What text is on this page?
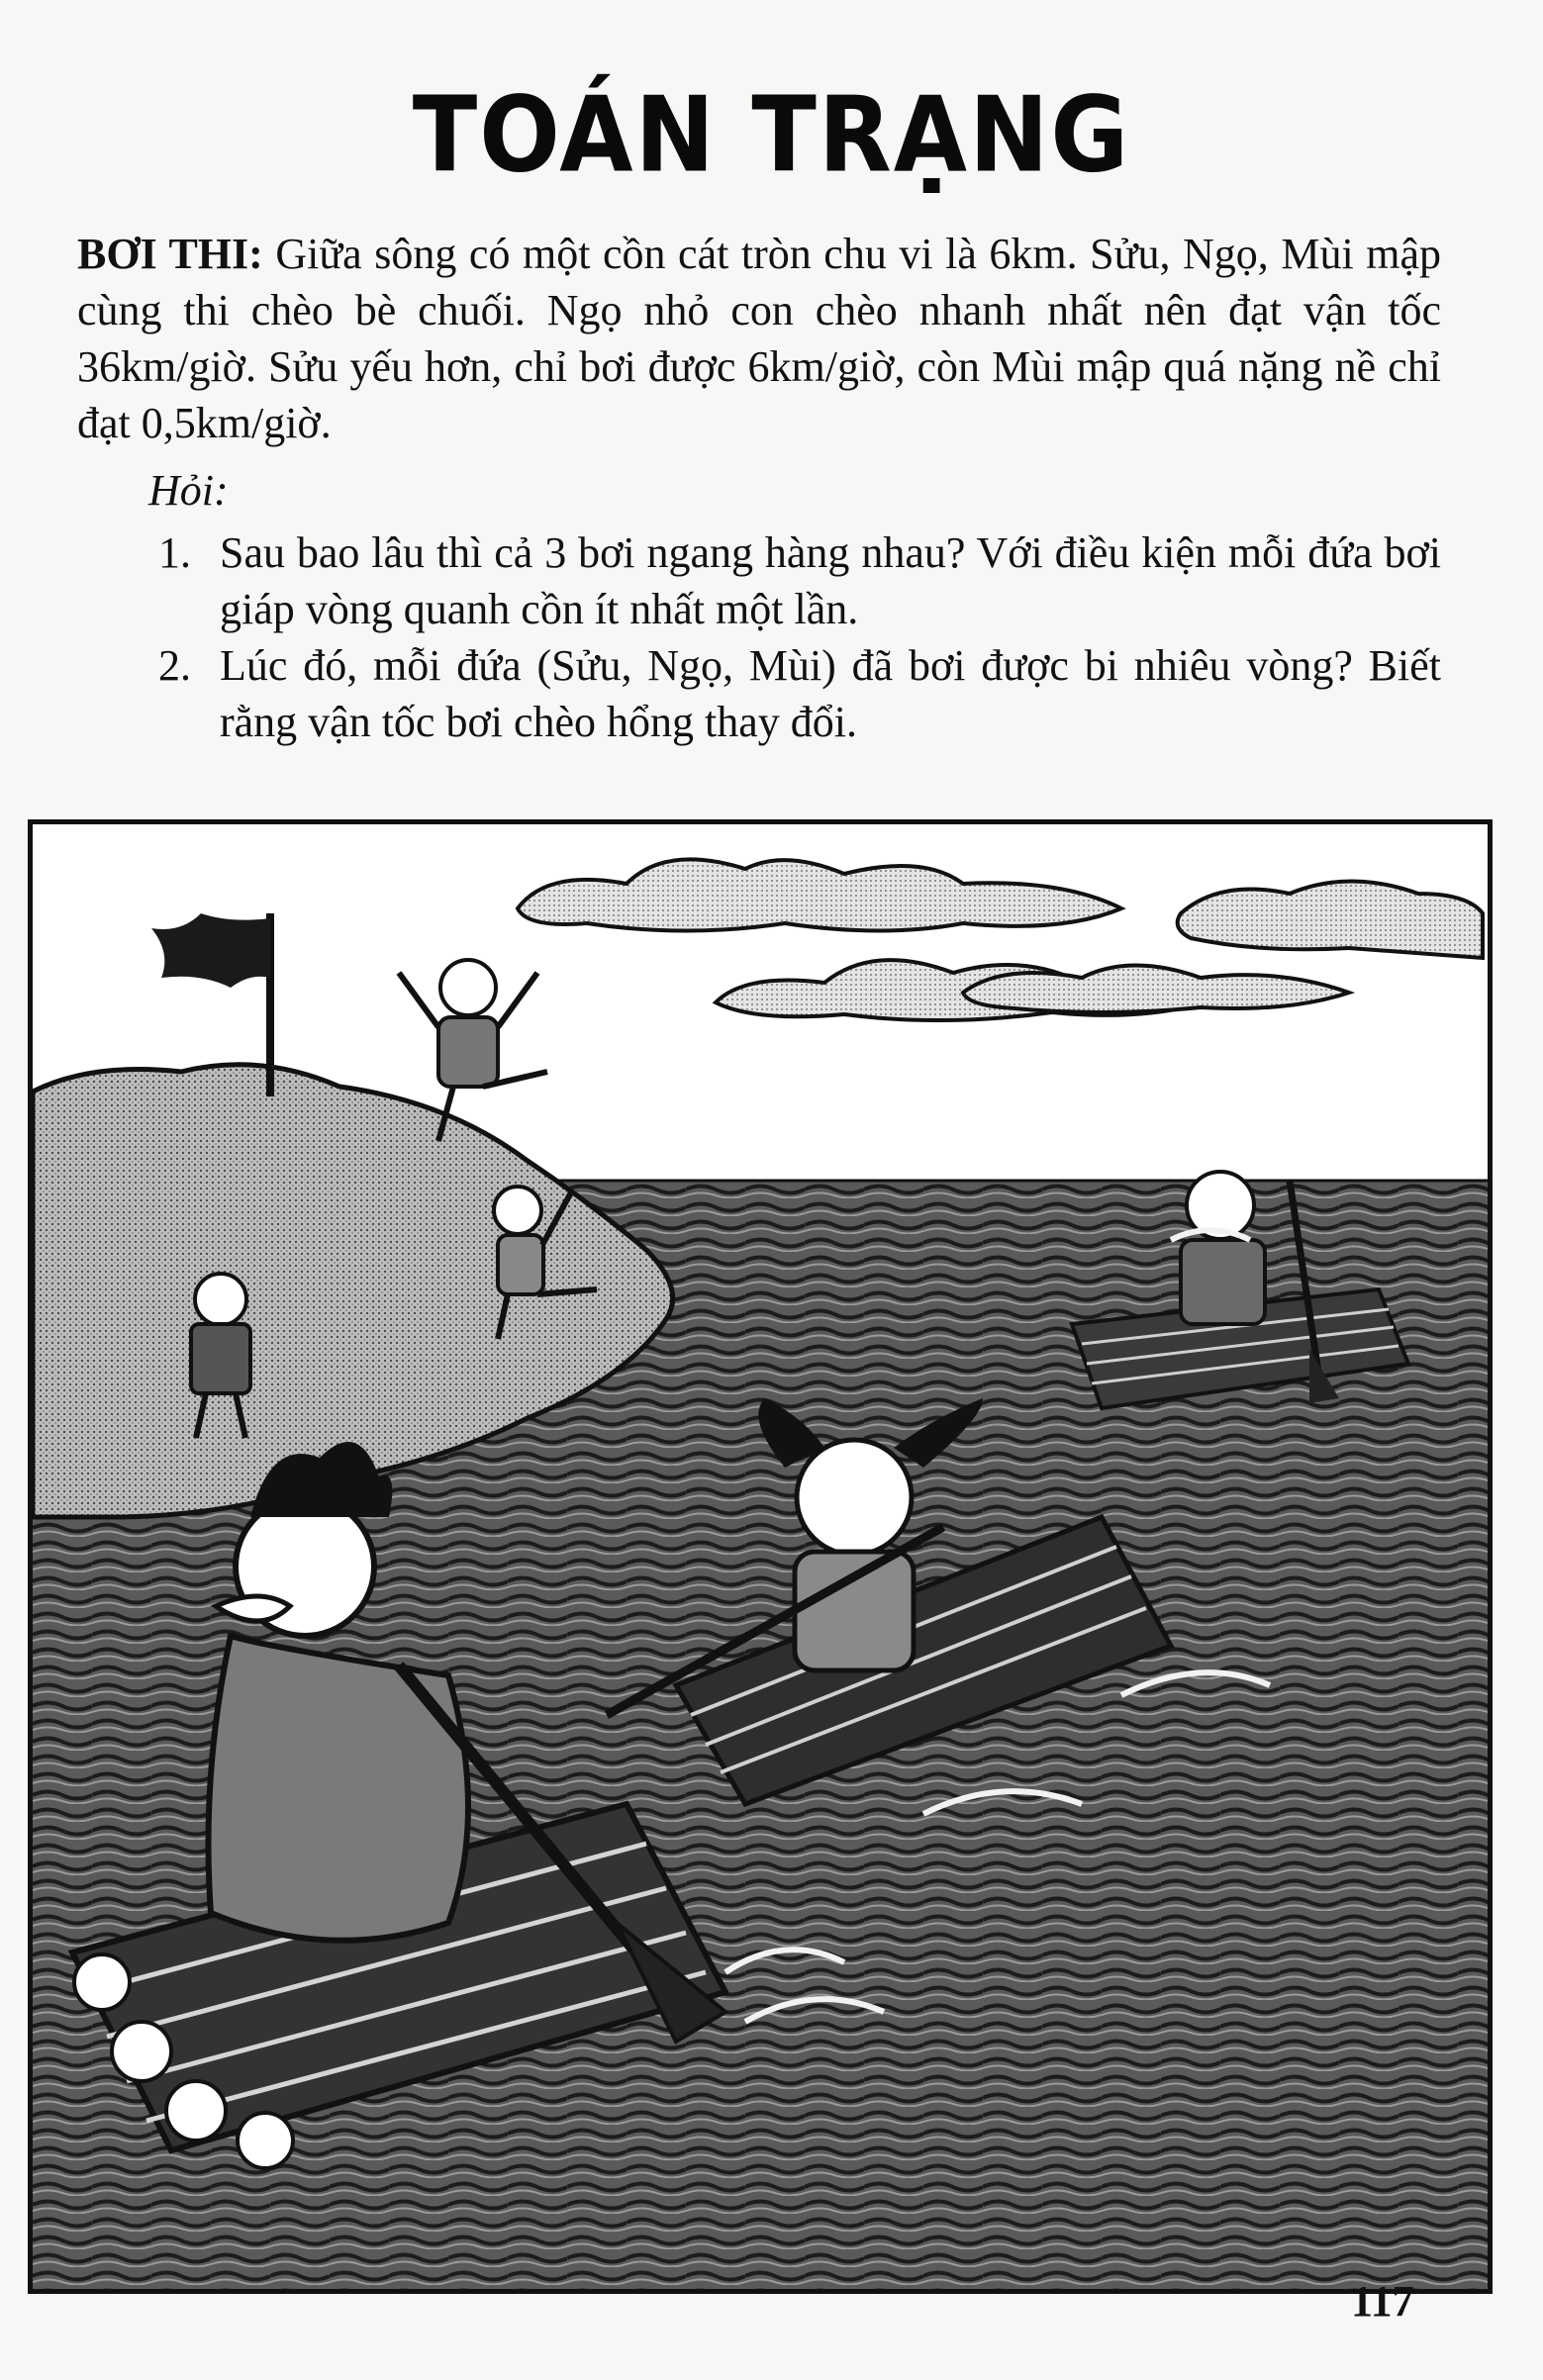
TOÁN TRẠNG
BƠI THI: Giữa sông có một cồn cát tròn chu vi là 6km. Sửu, Ngọ, Mùi mập cùng thi chèo bè chuối. Ngọ nhỏ con chèo nhanh nhất nên đạt vận tốc 36km/giờ. Sửu yếu hơn, chỉ bơi được 6km/giờ, còn Mùi mập quá nặng nề chỉ đạt 0,5km/giờ.
Hỏi:
1. Sau bao lâu thì cả 3 bơi ngang hàng nhau? Với điều kiện mỗi đứa bơi giáp vòng quanh cồn ít nhất một lần.
2. Lúc đó, mỗi đứa (Sửu, Ngọ, Mùi) đã bơi được bi nhiêu vòng? Biết rằng vận tốc bơi chèo hổng thay đổi.
117
